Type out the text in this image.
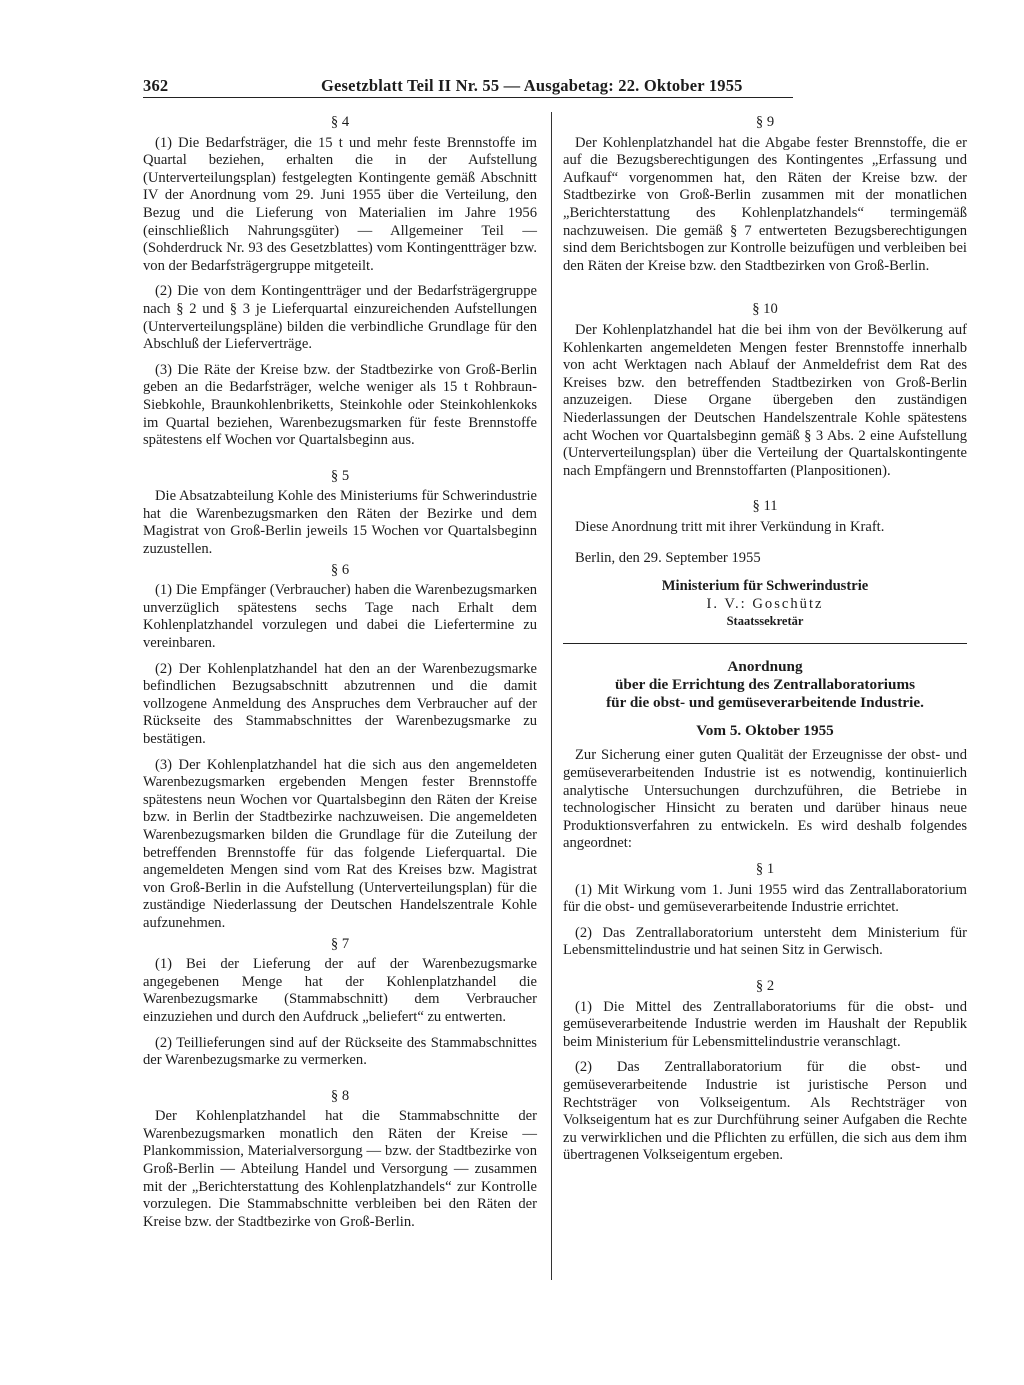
362	Gesetzblatt Teil II Nr. 55 — Ausgabetag: 22. Oktober 1955
§ 4
(1) Die Bedarfsträger, die 15 t und mehr feste Brennstoffe im Quartal beziehen, erhalten die in der Aufstellung (Unterverteilungsplan) festgelegten Kontingente gemäß Abschnitt IV der Anordnung vom 29. Juni 1955 über die Verteilung, den Bezug und die Lieferung von Materialien im Jahre 1956 (einschließlich Nahrungsgüter) — Allgemeiner Teil — (Sohderdruck Nr. 93 des Gesetzblattes) vom Kontingentträger bzw. von der Bedarfsträgergruppe mitgeteilt.
(2) Die von dem Kontingentträger und der Bedarfsträgergruppe nach § 2 und § 3 je Lieferquartal einzureichenden Aufstellungen (Unterverteilungspläne) bilden die verbindliche Grundlage für den Abschluß der Lieferverträge.
(3) Die Räte der Kreise bzw. der Stadtbezirke von Groß-Berlin geben an die Bedarfsträger, welche weniger als 15 t Rohbraun-Siebkohle, Braunkohlenbriketts, Steinkohle oder Steinkohlenkoks im Quartal beziehen, Warenbezugsmarken für feste Brennstoffe spätestens elf Wochen vor Quartalsbeginn aus.
§ 5
Die Absatzabteilung Kohle des Ministeriums für Schwerindustrie hat die Warenbezugsmarken den Räten der Bezirke und dem Magistrat von Groß-Berlin jeweils 15 Wochen vor Quartalsbeginn zuzustellen.
§ 6
(1) Die Empfänger (Verbraucher) haben die Warenbezugsmarken unverzüglich spätestens sechs Tage nach Erhalt dem Kohlenplatzhandel vorzulegen und dabei die Liefertermine zu vereinbaren.
(2) Der Kohlenplatzhandel hat den an der Warenbezugsmarke befindlichen Bezugsabschnitt abzutrennen und die damit vollzogene Anmeldung des Anspruches dem Verbraucher auf der Rückseite des Stammabschnittes der Warenbezugsmarke zu bestätigen.
(3) Der Kohlenplatzhandel hat die sich aus den angemeldeten Warenbezugsmarken ergebenden Mengen fester Brennstoffe spätestens neun Wochen vor Quartalsbeginn den Räten der Kreise bzw. in Berlin der Stadtbezirke nachzuweisen. Die angemeldeten Warenbezugsmarken bilden die Grundlage für die Zuteilung der betreffenden Brennstoffe für das folgende Lieferquartal. Die angemeldeten Mengen sind vom Rat des Kreises bzw. Magistrat von Groß-Berlin in die Aufstellung (Unterverteilungsplan) für die zuständige Niederlassung der Deutschen Handelszentrale Kohle aufzunehmen.
§ 7
(1) Bei der Lieferung der auf der Warenbezugsmarke angegebenen Menge hat der Kohlenplatzhandel die Warenbezugsmarke (Stammabschnitt) dem Verbraucher einzuziehen und durch den Aufdruck „beliefert“ zu entwerten.
(2) Teillieferungen sind auf der Rückseite des Stammabschnittes der Warenbezugsmarke zu vermerken.
§ 8
Der Kohlenplatzhandel hat die Stammabschnitte der Warenbezugsmarken monatlich den Räten der Kreise — Plankommission, Materialversorgung — bzw. der Stadtbezirke von Groß-Berlin — Abteilung Handel und Versorgung — zusammen mit der „Berichterstattung des Kohlenplatzhandels“ zur Kontrolle vorzulegen. Die Stammabschnitte verbleiben bei den Räten der Kreise bzw. der Stadtbezirke von Groß-Berlin.
§ 9
Der Kohlenplatzhandel hat die Abgabe fester Brennstoffe, die er auf die Bezugsberechtigungen des Kontingentes „Erfassung und Aufkauf“ vorgenommen hat, den Räten der Kreise bzw. der Stadtbezirke von Groß-Berlin zusammen mit der monatlichen „Berichterstattung des Kohlenplatzhandels“ termingemäß nachzuweisen. Die gemäß § 7 entwerteten Bezugsberechtigungen sind dem Berichtsbogen zur Kontrolle beizufügen und verbleiben bei den Räten der Kreise bzw. den Stadtbezirken von Groß-Berlin.
§ 10
Der Kohlenplatzhandel hat die bei ihm von der Bevölkerung auf Kohlenkarten angemeldeten Mengen fester Brennstoffe innerhalb von acht Werktagen nach Ablauf der Anmeldefrist dem Rat des Kreises bzw. den betreffenden Stadtbezirken von Groß-Berlin anzuzeigen. Diese Organe übergeben den zuständigen Niederlassungen der Deutschen Handelszentrale Kohle spätestens acht Wochen vor Quartalsbeginn gemäß § 3 Abs. 2 eine Aufstellung (Unterverteilungsplan) über die Verteilung der Quartalskontingente nach Empfängern und Brennstoffarten (Planpositionen).
§ 11
Diese Anordnung tritt mit ihrer Verkündung in Kraft.
Berlin, den 29. September 1955
Ministerium für Schwerindustrie
I. V.: Goschütz
Staatssekretär
Anordnung
über die Errichtung des Zentrallaboratoriums
für die obst- und gemüseverarbeitende Industrie.
Vom 5. Oktober 1955
Zur Sicherung einer guten Qualität der Erzeugnisse der obst- und gemüseverarbeitenden Industrie ist es notwendig, kontinuierlich analytische Untersuchungen durchzuführen, die Betriebe in technologischer Hinsicht zu beraten und darüber hinaus neue Produktionsverfahren zu entwickeln. Es wird deshalb folgendes angeordnet:
§ 1
(1) Mit Wirkung vom 1. Juni 1955 wird das Zentrallaboratorium für die obst- und gemüseverarbeitende Industrie errichtet.
(2) Das Zentrallaboratorium untersteht dem Ministerium für Lebensmittelindustrie und hat seinen Sitz in Gerwisch.
§ 2
(1) Die Mittel des Zentrallaboratoriums für die obst- und gemüseverarbeitende Industrie werden im Haushalt der Republik beim Ministerium für Lebensmittelindustrie veranschlagt.
(2) Das Zentrallaboratorium für die obst- und gemüseverarbeitende Industrie ist juristische Person und Rechtsträger von Volkseigentum. Als Rechtsträger von Volkseigentum hat es zur Durchführung seiner Aufgaben die Rechte zu verwirklichen und die Pflichten zu erfüllen, die sich aus dem ihm übertragenen Volkseigentum ergeben.
